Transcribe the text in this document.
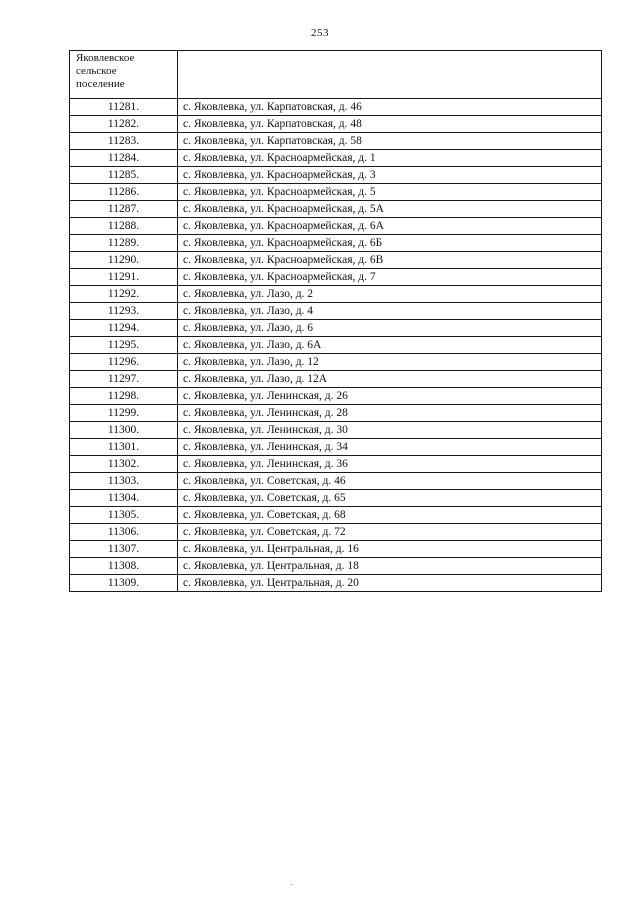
253
Яковлевское сельское поселение	

11281.	с. Яковлевка, ул. Карпатовская, д. 46
11282.	с. Яковлевка, ул. Карпатовская, д. 48
11283.	с. Яковлевка, ул. Карпатовская, д. 58
11284.	с. Яковлевка, ул. Красноармейская, д. 1
11285.	с. Яковлевка, ул. Красноармейская, д. 3
11286.	с. Яковлевка, ул. Красноармейская, д. 5
11287.	с. Яковлевка, ул. Красноармейская, д. 5А
11288.	с. Яковлевка, ул. Красноармейская, д. 6А
11289.	с. Яковлевка, ул. Красноармейская, д. 6Б
11290.	с. Яковлевка, ул. Красноармейская, д. 6В
11291.	с. Яковлевка, ул. Красноармейская, д. 7
11292.	с. Яковлевка, ул. Лазо, д. 2
11293.	с. Яковлевка, ул. Лазо, д. 4
11294.	с. Яковлевка, ул. Лазо, д. 6
11295.	с. Яковлевка, ул. Лазо, д. 6А
11296.	с. Яковлевка, ул. Лазо, д. 12
11297.	с. Яковлевка, ул. Лазо, д. 12А
11298.	с. Яковлевка, ул. Ленинская, д. 26
11299.	с. Яковлевка, ул. Ленинская, д. 28
11300.	с. Яковлевка, ул. Ленинская, д. 30
11301.	с. Яковлевка, ул. Ленинская, д. 34
11302.	с. Яковлевка, ул. Ленинская, д. 36
11303.	с. Яковлевка, ул. Советская, д. 46
11304.	с. Яковлевка, ул. Советская, д. 65
11305.	с. Яковлевка, ул. Советская, д. 68
11306.	с. Яковлевка, ул. Советская, д. 72
11307.	с. Яковлевка, ул. Центральная, д. 16
11308.	с. Яковлевка, ул. Центральная, д. 18
11309.	с. Яковлевка, ул. Центральная, д. 20
